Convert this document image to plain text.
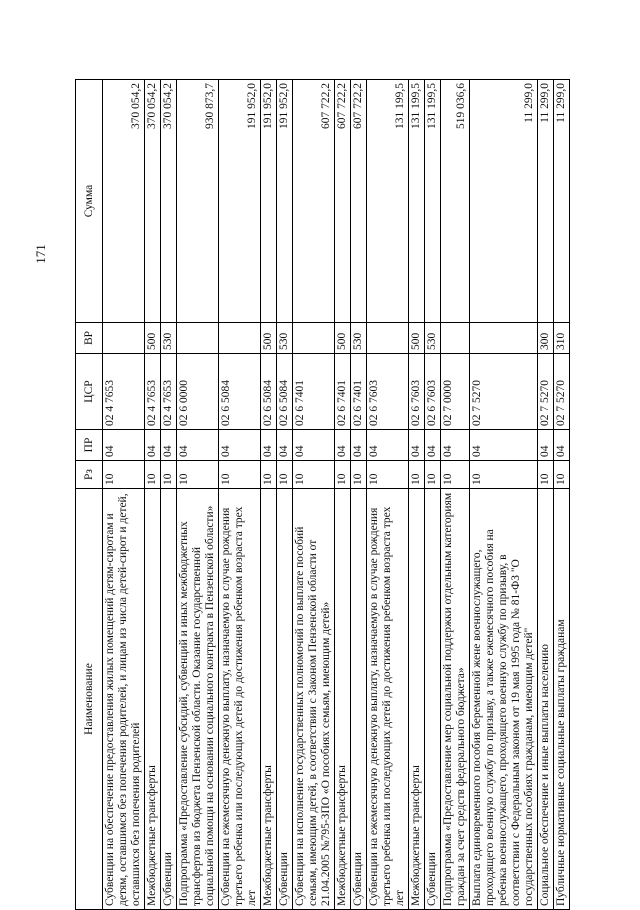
171
Наименование	Рз	ПР	ЦСР	ВР	Сумма
Субвенции на обеспечение предоставления жилых помещений детям-сиротам и детям, оставшимся без попечения родителей, и лицам из числа детей-сирот и детей, оставшихся без попечения родителей	10	04	02 4 7653		370 054,2
Межбюджетные трансферты	10	04	02 4 7653	500	370 054,2
Субвенции	10	04	02 4 7653	530	370 054,2
Подпрограмма «Предоставление субсидий, субвенций и иных межбюджетных трансфертов из бюджета Пензенской области. Оказание государственной социальной помощи на основании социального контракта в Пензенской области»	10	04	02 6 0000		930 873,7
Субвенции на ежемесячную денежную выплату, назначаемую в случае рождения третьего ребенка или последующих детей до достижения ребенком возраста трех лет	10	04	02 6 5084		191 952,0
Межбюджетные трансферты	10	04	02 6 5084	500	191 952,0
Субвенции	10	04	02 6 5084	530	191 952,0
Субвенции на исполнение государственных полномочий по выплате пособий семьям, имеющим детей, в соответствии с Законом Пензенской области от 21.04.2005 №795-ЗПО «О пособиях семьям, имеющим детей»	10	04	02 6 7401		607 722,2
Межбюджетные трансферты	10	04	02 6 7401	500	607 722,2
Субвенции	10	04	02 6 7401	530	607 722,2
Субвенции на ежемесячную денежную выплату, назначаемую в случае рождения третьего ребенка или последующих детей до достижения ребенком возраста трех лет	10	04	02 6 7603		131 199,5
Межбюджетные трансферты	10	04	02 6 7603	500	131 199,5
Субвенции	10	04	02 6 7603	530	131 199,5
Подпрограмма «Предоставление мер социальной поддержки отдельным категориям граждан за счет средств федерального бюджета»	10	04	02 7 0000		519 036,6
Выплата единовременного пособия беременной жене военнослужащего, проходящего военную службу по призыву, а также ежемесячного пособия на ребенка военнослужащего, проходящего военную службу по призыву, в соответствии с Федеральным законом от 19 мая 1995 года № 81-ФЗ "О государственных пособиях гражданам, имеющим детей"	10	04	02 7 5270		11 299,0
Социальное обеспечение и иные выплаты населению	10	04	02 7 5270	300	11 299,0
Публичные нормативные социальные выплаты гражданам	10	04	02 7 5270	310	11 299,0
